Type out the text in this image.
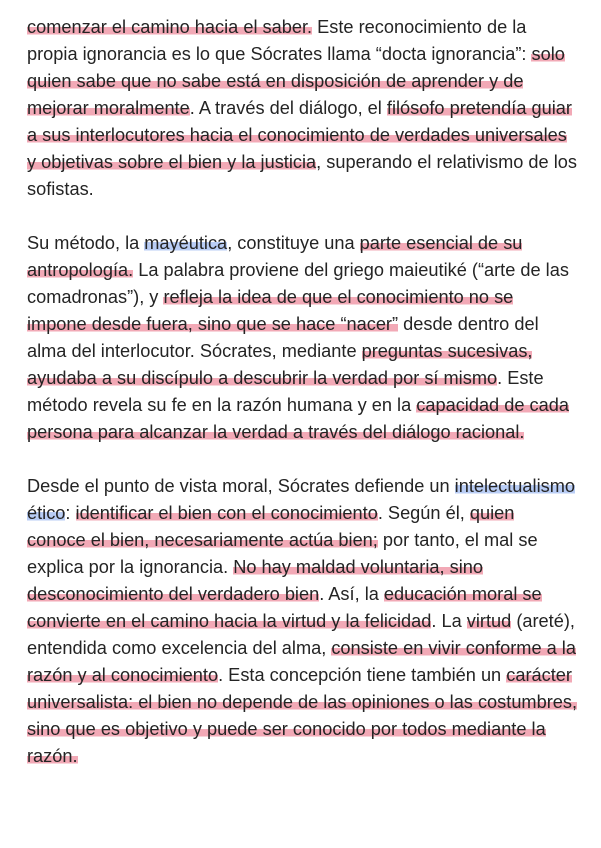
comenzar el camino hacia el saber. Este reconocimiento de la propia ignorancia es lo que Sócrates llama “docta ignorancia”: solo quien sabe que no sabe está en disposición de aprender y de mejorar moralmente. A través del diálogo, el filósofo pretendía guiar a sus interlocutores hacia el conocimiento de verdades universales y objetivas sobre el bien y la justicia, superando el relativismo de los sofistas.

Su método, la mayéutica, constituye una parte esencial de su antropología. La palabra proviene del griego maieutiké (“arte de las comadronas”), y refleja la idea de que el conocimiento no se impone desde fuera, sino que se hace “nacer” desde dentro del alma del interlocutor. Sócrates, mediante preguntas sucesivas, ayudaba a su discípulo a descubrir la verdad por sí mismo. Este método revela su fe en la razón humana y en la capacidad de cada persona para alcanzar la verdad a través del diálogo racional.

Desde el punto de vista moral, Sócrates defiende un intelectualismo ético: identificar el bien con el conocimiento. Según él, quien conoce el bien, necesariamente actúa bien; por tanto, el mal se explica por la ignorancia. No hay maldad voluntaria, sino desconocimiento del verdadero bien. Así, la educación moral se convierte en el camino hacia la virtud y la felicidad. La virtud (areté), entendida como excelencia del alma, consiste en vivir conforme a la razón y al conocimiento. Esta concepción tiene también un carácter universalista: el bien no depende de las opiniones o las costumbres, sino que es objetivo y puede ser conocido por todos mediante la razón.
